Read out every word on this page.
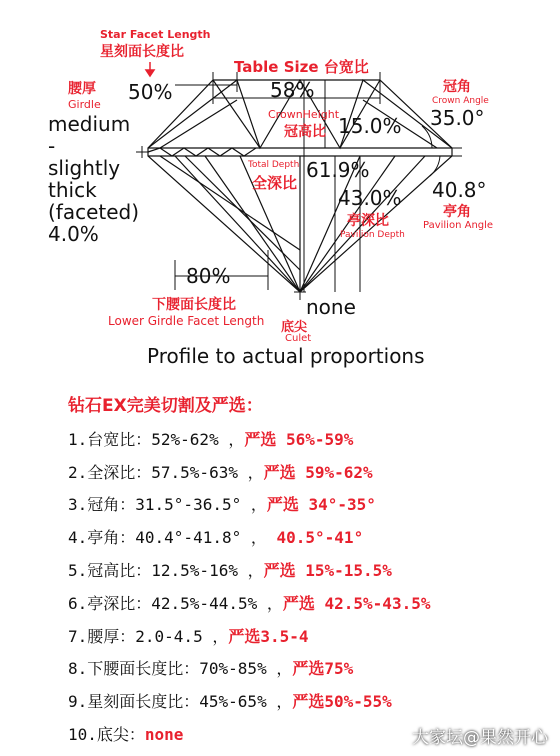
Star Facet Length
星刻面长度比
50%
Table Size 台宽比
58%	冠角
Crown Angle
35.0°
腰厚
Girdle
medium
-
slightly
thick
(faceted)
4.0%
CrownHeight
冠高比 15.0%
Total Depth
全深比
61.9%
43.0%
亭深比
Pavilion Depth
40.8°
亭角
Pavilion Angle
80%
下腰面长度比
Lower Girdle Facet Length
none
底尖
Culet
Profile to actual proportions
钻石EX完美切割及严选：
1.台宽比：52%-62% ，严选 56%-59%
2.全深比：57.5%-63% ，严选 59%-62%
3.冠角：31.5°-36.5° ，严选 34°-35°
4.亭角：40.4°-41.8° ， 40.5°-41°
5.冠高比：12.5%-16% ，严选 15%-15.5%
6.亭深比：42.5%-44.5% ，严选 42.5%-43.5%
7.腰厚：2.0-4.5 ，严选3.5-4
8.下腰面长度比：70%-85% ，严选75%
9.星刻面长度比：45%-65% ，严选50%-55%
10.底尖：none	大家坛@果然开心
